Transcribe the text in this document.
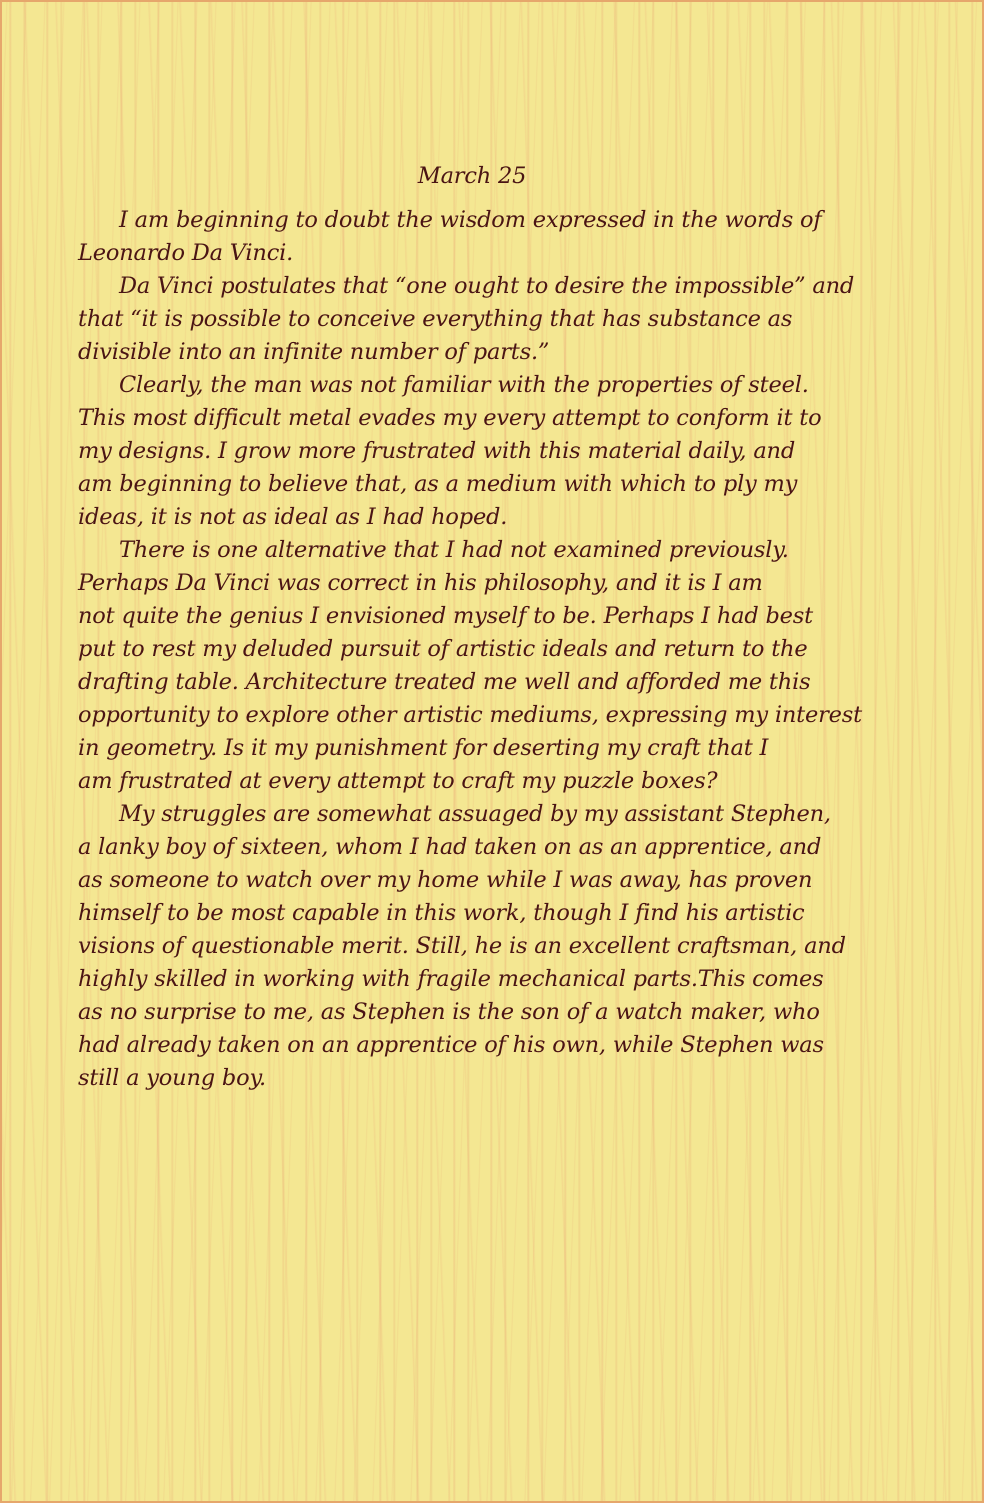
March 25

I am beginning to doubt the wisdom expressed in the words of
Leonardo Da Vinci.

Da Vinci postulates that “one ought to desire the impossible” and
that “it is possible to conceive everything that has substance as
divisible into an infinite number of parts.”

Clearly, the man was not familiar with the properties of steel.
This most difficult metal evades my every attempt to conform it to
my designs. I grow more frustrated with this material daily, and
am beginning to believe that, as a medium with which to ply my
ideas, it is not as ideal as I had hoped.

There is one alternative that I had not examined previously.
Perhaps Da Vinci was correct in his philosophy, and it is I am
not quite the genius I envisioned myself to be. Perhaps I had best
put to rest my deluded pursuit of artistic ideals and return to the
drafting table. Architecture treated me well and afforded me this
opportunity to explore other artistic mediums, expressing my interest
in geometry. Is it my punishment for deserting my craft that I
am frustrated at every attempt to craft my puzzle boxes?

My struggles are somewhat assuaged by my assistant Stephen,
a lanky boy of sixteen, whom I had taken on as an apprentice, and
as someone to watch over my home while I was away, has proven
himself to be most capable in this work, though I find his artistic
visions of questionable merit. Still, he is an excellent craftsman, and
highly skilled in working with fragile mechanical parts.This comes
as no surprise to me, as Stephen is the son of a watch maker, who
had already taken on an apprentice of his own, while Stephen was
still a young boy.
